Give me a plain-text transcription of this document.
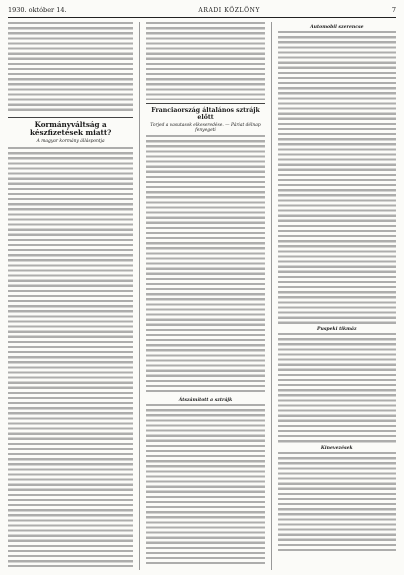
1930. október 14.	ARADI KÖZLÖNY	7
Kormányváltság a készfizetések miatt?
A magyar kormány álláspontja
Franciaország általános sztrájk előtt
Torjed a vasutasok elkeseredése. — Páriat délnap fenyegeti
Átszámított a sztrájk
Automobil szerencse
Puspeki tikmáz
Kinevezések
